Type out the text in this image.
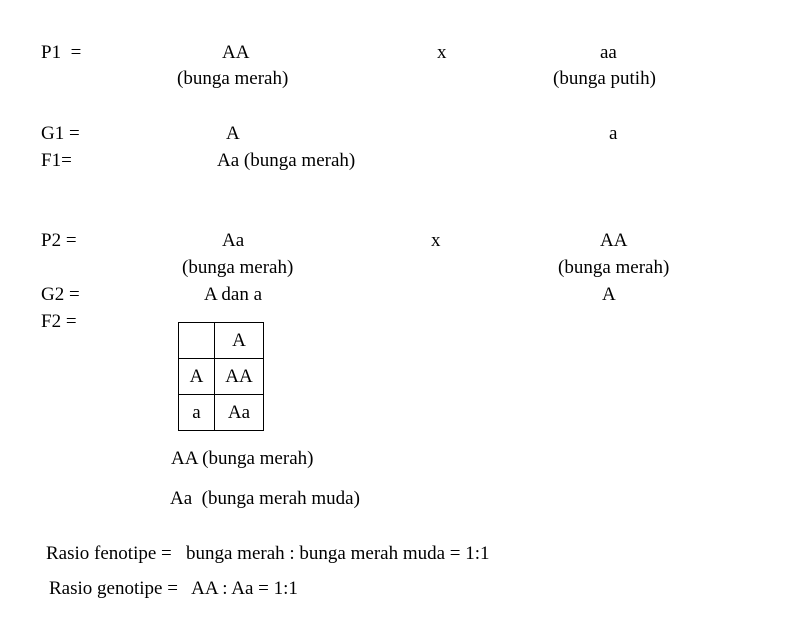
P1  =	AA	x	aa
(bunga merah)	(bunga putih)
G1 =	A	a
F1=	Aa (bunga merah)
P2 =	Aa	x	AA
(bunga merah)	(bunga merah)
G2 =	A dan a	A
F2 =
	A
A	AA
a	Aa
AA (bunga merah)
Aa  (bunga merah muda)
Rasio fenotipe =   bunga merah : bunga merah muda = 1:1
Rasio genotipe =   AA : Aa = 1:1
